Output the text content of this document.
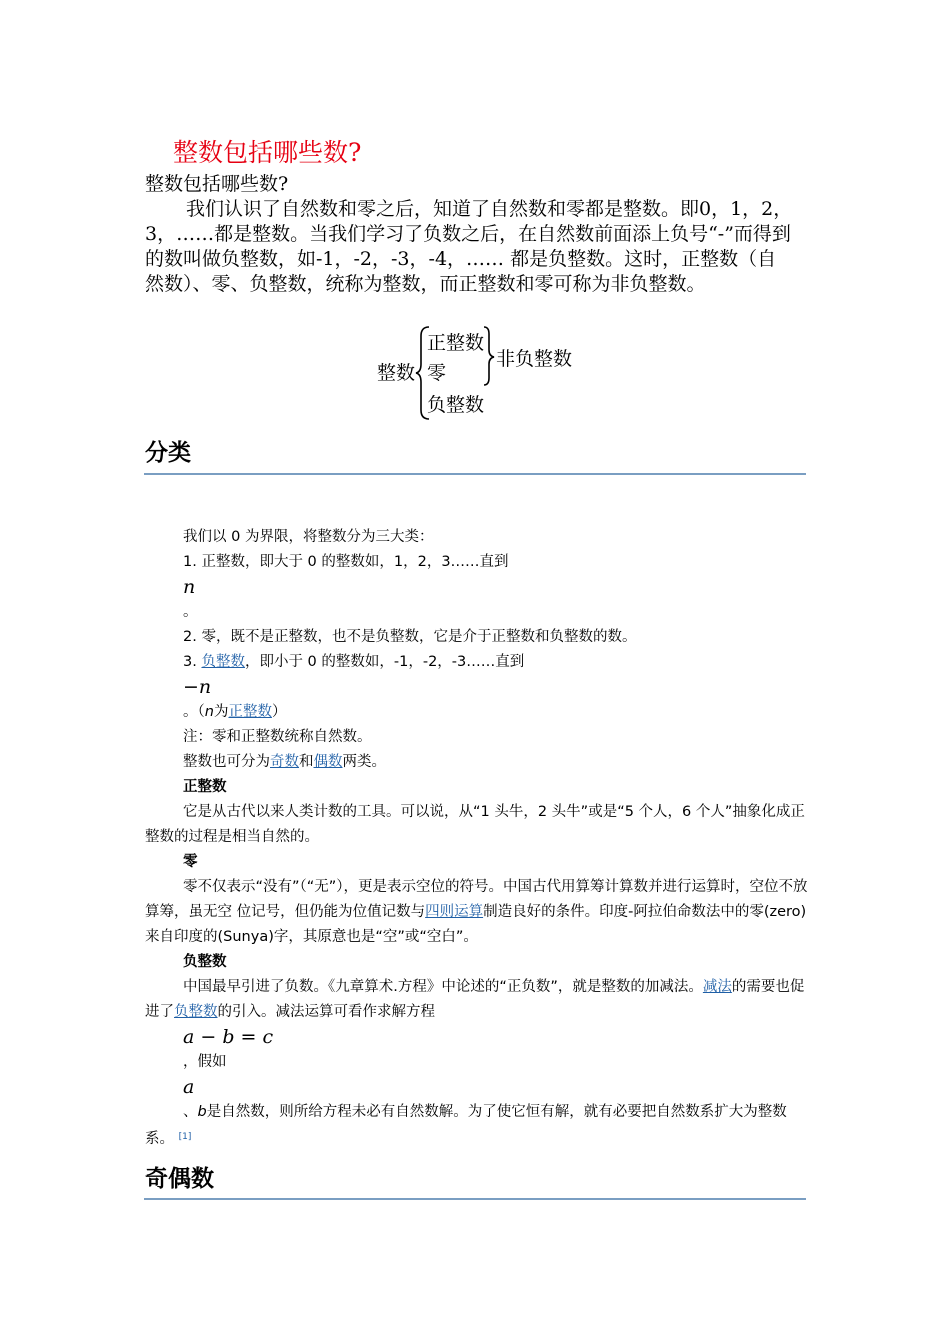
整数包括哪些数?

整数包括哪些数?

我们认识了自然数和零之后，知道了自然数和零都是整数。即0，1，2，3，……都是整数。当我们学习了负数之后，在自然数前面添上负号“-”而得到的数叫做负整数，如-1，-2，-3，-4，…… 都是负整数。这时，正整数（自然数）、零、负整数，统称为整数，而正整数和零可称为非负整数。

整数
正整数
零
负整数
非负整数
分类

我们以 0 为界限，将整数分为三大类：

1. 正整数，即大于 0 的整数如，1，2，3……直到

n

。

2. 零，既不是正整数，也不是负整数，它是介于正整数和负整数的数。

3. 负整数，即小于 0 的整数如，-1，-2，-3……直到

−n

。（n为正整数）

注：零和正整数统称自然数。

整数也可分为奇数和偶数两类。

正整数

它是从古代以来人类计数的工具。可以说，从“1 头牛，2 头牛”或是“5 个人，6 个人”抽象化成正整数的过程是相当自然的。

零

零不仅表示“没有”（“无”），更是表示空位的符号。中国古代用算筹计算数并进行运算时，空位不放算筹，虽无空 位记号，但仍能为位值记数与四则运算制造良好的条件。印度-阿拉伯命数法中的零(zero)来自印度的(Sunya)字，其原意也是“空”或“空白”。

负整数

中国最早引进了负数。《九章算术.方程》中论述的“正负数”，就是整数的加减法。减法的需要也促进了负整数的引入。减法运算可看作求解方程

a − b = c

，假如

a

、b是自然数，则所给方程未必有自然数解。为了使它恒有解，就有必要把自然数系扩大为整数系。 [1]

奇偶数
